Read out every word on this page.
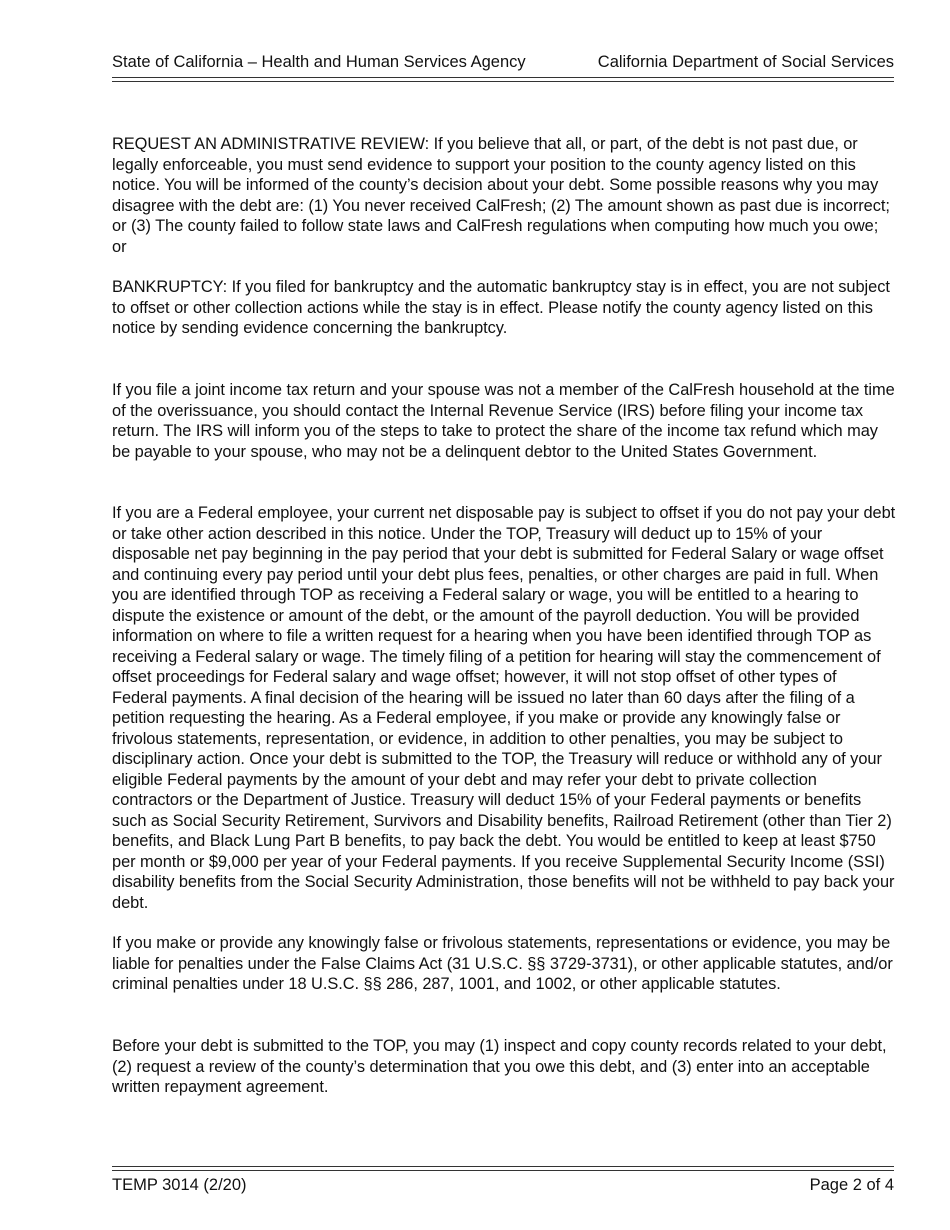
State of California – Health and Human Services Agency	California Department of Social Services

REQUEST AN ADMINISTRATIVE REVIEW: If you believe that all, or part, of the debt is not past due, or legally enforceable, you must send evidence to support your position to the county agency listed on this notice. You will be informed of the county’s decision about your debt. Some possible reasons why you may disagree with the debt are: (1) You never received CalFresh; (2) The amount shown as past due is incorrect; or (3) The county failed to follow state laws and CalFresh regulations when computing how much you owe; or

BANKRUPTCY: If you filed for bankruptcy and the automatic bankruptcy stay is in effect, you are not subject to offset or other collection actions while the stay is in effect. Please notify the county agency listed on this notice by sending evidence concerning the bankruptcy.

If you file a joint income tax return and your spouse was not a member of the CalFresh household at the time of the overissuance, you should contact the Internal Revenue Service (IRS) before filing your income tax return. The IRS will inform you of the steps to take to protect the share of the income tax refund which may be payable to your spouse, who may not be a delinquent debtor to the United States Government.

If you are a Federal employee, your current net disposable pay is subject to offset if you do not pay your debt or take other action described in this notice. Under the TOP, Treasury will deduct up to 15% of your disposable net pay beginning in the pay period that your debt is submitted for Federal Salary or wage offset and continuing every pay period until your debt plus fees, penalties, or other charges are paid in full. When you are identified through TOP as receiving a Federal salary or wage, you will be entitled to a hearing to dispute the existence or amount of the debt, or the amount of the payroll deduction. You will be provided information on where to file a written request for a hearing when you have been identified through TOP as receiving a Federal salary or wage. The timely filing of a petition for hearing will stay the commencement of offset proceedings for Federal salary and wage offset; however, it will not stop offset of other types of Federal payments. A final decision of the hearing will be issued no later than 60 days after the filing of a petition requesting the hearing. As a Federal employee, if you make or provide any knowingly false or frivolous statements, representation, or evidence, in addition to other penalties, you may be subject to disciplinary action. Once your debt is submitted to the TOP, the Treasury will reduce or withhold any of your eligible Federal payments by the amount of your debt and may refer your debt to private collection contractors or the Department of Justice. Treasury will deduct 15% of your Federal payments or benefits such as Social Security Retirement, Survivors and Disability benefits, Railroad Retirement (other than Tier 2) benefits, and Black Lung Part B benefits, to pay back the debt. You would be entitled to keep at least $750 per month or $9,000 per year of your Federal payments. If you receive Supplemental Security Income (SSI) disability benefits from the Social Security Administration, those benefits will not be withheld to pay back your debt.

If you make or provide any knowingly false or frivolous statements, representations or evidence, you may be liable for penalties under the False Claims Act (31 U.S.C. §§ 3729-3731), or other applicable statutes, and/or criminal penalties under 18 U.S.C. §§ 286, 287, 1001, and 1002, or other applicable statutes.

Before your debt is submitted to the TOP, you may (1) inspect and copy county records related to your debt, (2) request a review of the county’s determination that you owe this debt, and (3) enter into an acceptable written repayment agreement.

TEMP 3014 (2/20)	Page 2 of 4
